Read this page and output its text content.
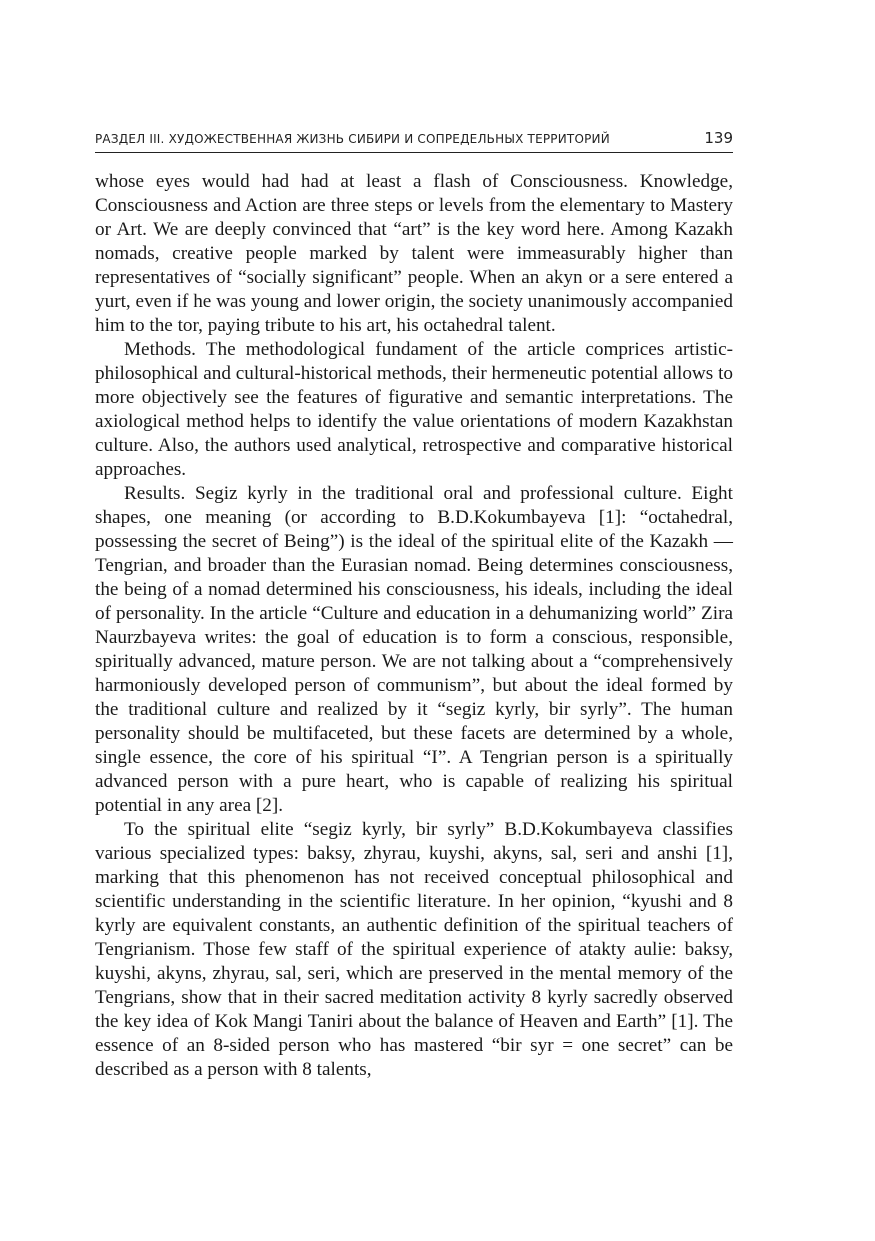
РАЗДЕЛ III. ХУДОЖЕСТВЕННАЯ ЖИЗНЬ СИБИРИ И СОПРЕДЕЛЬНЫХ ТЕРРИТОРИЙ	139

whose eyes would had had at least a flash of Consciousness. Knowledge, Consciousness and Action are three steps or levels from the elementary to Mastery or Art. We are deeply convinced that “art” is the key word here. Among Kazakh nomads, creative people marked by talent were immeasurably higher than representatives of “socially significant” people. When an akyn or a sere entered a yurt, even if he was young and lower origin, the society unanimously accompanied him to the tor, paying tribute to his art, his octahedral talent.

Methods. The methodological fundament of the article comprices artistic-philosophical and cultural-historical methods, their hermeneutic potential allows to more objectively see the features of figurative and semantic interpretations. The axiological method helps to identify the value orientations of modern Kazakhstan culture. Also, the authors used analytical, retrospective and comparative historical approaches.

Results. Segiz kyrly in the traditional oral and professional culture. Eight shapes, one meaning (or according to B.D.Kokumbayeva [1]: “octahedral, possessing the secret of Being”) is the ideal of the spiritual elite of the Kazakh — Tengrian, and broader than the Eurasian nomad. Being determines consciousness, the being of a nomad determined his consciousness, his ideals, including the ideal of personality. In the article “Culture and education in a dehumanizing world” Zira Naurzbayeva writes: the goal of education is to form a conscious, responsible, spiritually advanced, mature person. We are not talking about a “comprehensively harmoniously developed person of communism”, but about the ideal formed by the traditional culture and realized by it “segiz kyrly, bir syrly”. The human personality should be multifaceted, but these facets are determined by a whole, single essence, the core of his spiritual “I”. A Tengrian person is a spiritually advanced person with a pure heart, who is capable of realizing his spiritual potential in any area [2].

To the spiritual elite “segiz kyrly, bir syrly” B.D.Kokumbayeva classifies various specialized types: baksy, zhyrau, kuyshi, akyns, sal, seri and anshi [1], marking that this phenomenon has not received conceptual philosophical and scientific understanding in the scientific literature. In her opinion, “kyushi and 8 kyrly are equivalent constants, an authentic definition of the spiritual teachers of Tengrianism. Those few staff of the spiritual experience of atakty aulie: baksy, kuyshi, akyns, zhyrau, sal, seri, which are preserved in the mental memory of the Tengrians, show that in their sacred meditation activity 8 kyrly sacredly observed the key idea of Kok Mangi Taniri about the balance of Heaven and Earth” [1]. The essence of an 8-sided person who has mastered “bir syr = one secret” can be described as a person with 8 talents,
